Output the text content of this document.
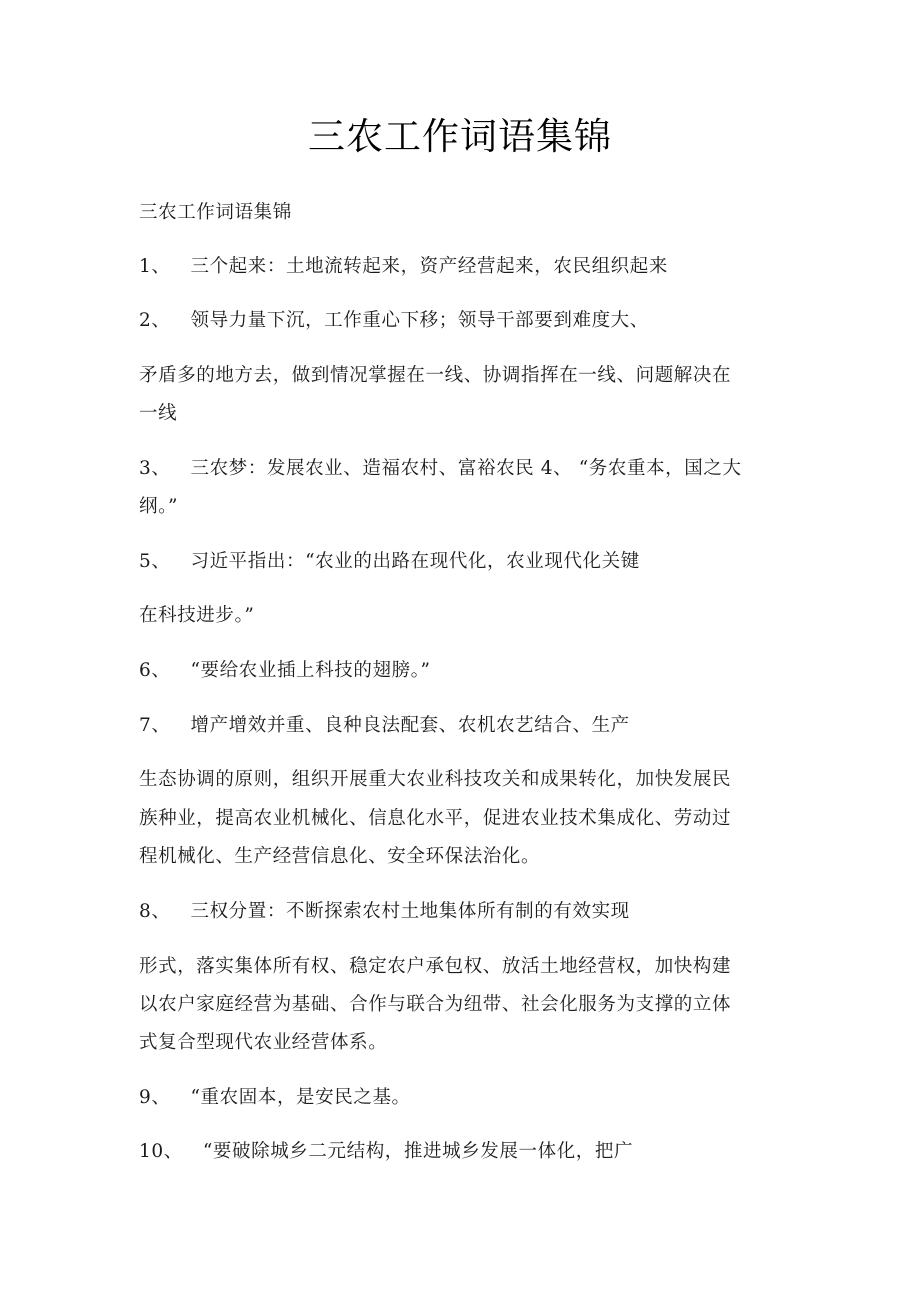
三农工作词语集锦
三农工作词语集锦
1、 三个起来：土地流转起来，资产经营起来，农民组织起来
2、 领导力量下沉，工作重心下移；领导干部要到难度大、
矛盾多的地方去，做到情况掌握在一线、协调指挥在一线、问题解决在
一线
3、 三农梦：发展农业、造福农村、富裕农民 4、 “务农重本，国之大
纲。”
5、 习近平指出：“农业的出路在现代化，农业现代化关键
在科技进步。”
6、 “要给农业插上科技的翅膀。”
7、 增产增效并重、良种良法配套、农机农艺结合、生产
生态协调的原则，组织开展重大农业科技攻关和成果转化，加快发展民
族种业，提高农业机械化、信息化水平，促进农业技术集成化、劳动过
程机械化、生产经营信息化、安全环保法治化。
8、 三权分置：不断探索农村土地集体所有制的有效实现
形式，落实集体所有权、稳定农户承包权、放活土地经营权，加快构建
以农户家庭经营为基础、合作与联合为纽带、社会化服务为支撑的立体
式复合型现代农业经营体系。
9、 “重农固本，是安民之基。
10、 “要破除城乡二元结构，推进城乡发展一体化，把广
